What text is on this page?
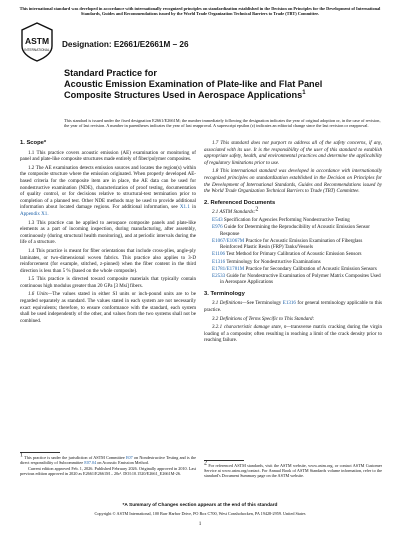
This international standard was developed in accordance with internationally recognized principles on standardization established in the Decision on Principles for the Development of International Standards, Guides and Recommendations issued by the World Trade Organization Technical Barriers to Trade (TBT) Committee.
ASTM
INTERNATIONAL
Designation: E2661/E2661M – 26
Standard Practice for
Acoustic Emission Examination of Plate-like and Flat Panel
Composite Structures Used in Aerospace Applications$^1$
This standard is issued under the fixed designation E2661/E2661M; the number immediately following the designation indicates the year of original adoption or, in the case of revision, the year of last revision. A number in parentheses indicates the year of last reapproval. A superscript epsilon (ε) indicates an editorial change since the last revision or reapproval.
1. Scope*

1.1 This practice covers acoustic emission (AE) examination or monitoring of panel and plate-like composite structures made entirely of fiber/polymer composites.

1.2 The AE examination detects emission sources and locates the region(s) within the composite structure where the emission originated. When properly developed AE-based criteria for the composite item are in place, the AE data can be used for nondestructive examination (NDE), characterization of proof testing, documentation of quality control, or for decisions relative to structural-test termination prior to completion of a planned test. Other NDE methods may be used to provide additional information about located damage regions. For additional information, see X1.1 in Appendix X1.

1.3 This practice can be applied to aerospace composite panels and plate-like elements as a part of incoming inspection, during manufacturing, after assembly, continuously (during structural health monitoring), and at periodic intervals during the life of a structure.

1.4 This practice is meant for fiber orientations that include cross-plies, angle-ply laminates, or two-dimensional woven fabrics. This practice also applies to 3-D reinforcement (for example, stitched, z-pinned) when the fiber content in the third direction is less than 5 % (based on the whole composite).

1.5 This practice is directed toward composite materials that typically contain continuous high modulus greater than 20 GPa [3 Msi] fibers.

1.6 Units—The values stated in either SI units or inch-pound units are to be regarded separately as standard. The values stated in each system are not necessarily exact equivalents; therefore, to ensure conformance with the standard, each system shall be used independently of the other, and values from the two systems shall not be combined.

1 This practice is under the jurisdiction of ASTM Committee E07 on Nondestructive Testing and is the direct responsibility of Subcommittee E07.04 on Acoustic Emission Method.
Current edition approved Feb. 1, 2026. Published February 2026. Originally approved in 2010. Last previous edition approved in 2020 as E2661/E2661M – 20ε¹. DOI:10.1520/E2661_E2661M-26.

1.7 This standard does not purport to address all of the safety concerns, if any, associated with its use. It is the responsibility of the user of this standard to establish appropriate safety, health, and environmental practices and determine the applicability of regulatory limitations prior to use.

1.8 This international standard was developed in accordance with internationally recognized principles on standardization established in the Decision on Principles for the Development of International Standards, Guides and Recommendations issued by the World Trade Organization Technical Barriers to Trade (TBT) Committee.

2. Referenced Documents

2.1 ASTM Standards:2

E543 Specification for Agencies Performing Nondestructive Testing

E976 Guide for Determining the Reproducibility of Acoustic Emission Sensor Response

E1067/E1067M Practice for Acoustic Emission Examination of Fiberglass Reinforced Plastic Resin (FRP) Tanks/Vessels

E1106 Test Method for Primary Calibration of Acoustic Emission Sensors

E1316 Terminology for Nondestructive Examinations

E1781/E1781M Practice for Secondary Calibration of Acoustic Emission Sensors

E2533 Guide for Nondestructive Examination of Polymer Matrix Composites Used in Aerospace Applications

3. Terminology

3.1 Definitions—See Terminology E1316 for general terminology applicable to this practice.

3.2 Definitions of Terms Specific to This Standard:

3.2.1 characteristic damage state, n—transverse matrix cracking during the virgin loading of a composite; often resulting in reaching a limit of the crack density prior to reaching failure.

2 For referenced ASTM standards, visit the ASTM website, www.astm.org, or contact ASTM Customer Service at www.astm.org/contact. For Annual Book of ASTM Standards volume information, refer to the standard's Document Summary page on the ASTM website.
*A Summary of Changes section appears at the end of this standard
Copyright © ASTM International, 100 Barr Harbor Drive, PO Box C700, West Conshohocken, PA 19428-2959. United States
1
